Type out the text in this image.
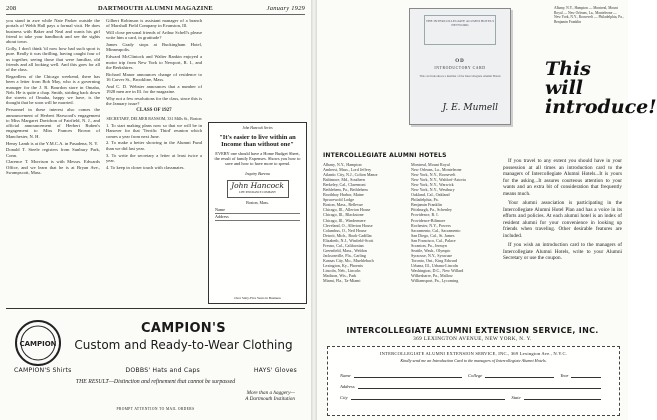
208	DARTMOUTH ALUMNI MAGAZINE	January 1929

you stand in awe while Nate Parker outside the portals of Webb Hall pays a formal visit. He does business with Baker and Neal and wants his girl friend to take your handbook and see the sights about town.

Golly, I don't think 'til now how bad such sport is pure. Really it was thrilling, having caught four of us together, seeing those that were familiar, old friends and all looking well. And this goes for all of the class.

Regardless of the Chicago weekend, there has been a letter from Bob May, who is a governing manager for the J. R. Bourdon store in Omaha, Neb. He is quite a chap. Smith, striding back down the streets of Omaha, happy we have, is the thought that he soon will be married.

Personnel in these interest also comes the announcement of Herbert Harwood's engagement to Miss Margaret Davidson of Fairfield, N. J., and official announcement of Herbert Ruben's engagement to Miss Frances Brown of Manchester, N. H.

Henry Lamb is at the Y.M.C.A. in Pasadena, N. Y.

Donald T. Steele registers from Sunbury Park, Conn.

Clarence T. Morrison is with Messrs. Edwards Office, and we learn that he is at Bryan Ave., Swampscott, Mass.

Gilbert Robinson is assistant manager of a branch of Marshall Field Company in Evanston, Ill.

Will close personal friends of Arthur Schell's please write him a card, in gratitude?

James Grady stops at Buckingham Hotel, Minneapolis.

Edward McClintock and Walter Rankin enjoyed a motor trip from New York to Newport, R. I., and the Berkshires.

Richard Manor announces change of residence to 16 Carver St., Brookline, Mass.

And C. D. Webster announces that a number of 1928 men are in Ill. for the magazine.

Why not a few resolutions for the class, since this is the January issue?

CLASS OF 1927
SECRETARY, DELMER RANSOM, 331 Mills St., Boston

1. To start making plans now so that we will be in Hanover for that 'Terrific Third' reunion which comes a year from next June.

2. To make a better showing in the Alumni Fund than we did last year.

3. To write the secretary a letter at least twice a year.

4. To keep in closer touch with classmates.

John Hancock Series
"It's easier to live within an Income than without one"
EVERY one should have a Home Budget Sheet, the result of family Expenses. Shows you how to save and how to have more to spend.
Inquiry Bureau
John Hancock
LIFE INSURANCE COMPANY
Boston, Mass.
Name
Address
Over Sixty-Five Years in Business
CAMPION
CAMPION'S
Custom and Ready-to-Wear Clothing
CAMPION'S Shirts	DOBBS' Hats and Caps	HAYS' Gloves
THE RESULT—Distinction and refinement that cannot be surpassed
More than a haggery—
A Dartmouth Institution
PROMPT ATTENTION TO MAIL ORDERS
THE INTERCOLLEGIATE ALUMNI HOTELS NETWORK
OD
INTRODUCTORY CARD
This card introduces a member of the Intercollegiate Alumni Hotels
J. E. Mumell
Albany, N.Y., Hampton — Montreal, Mount Royal — New Orleans, La., Monteleone — New York, N.Y., Roosevelt — Philadelphia, Pa., Benjamin Franklin
This will introduce!
INTERCOLLEGIATE ALUMNI HOTELS
Albany, N.Y., Hampton
Amherst, Mass., Lord Jeffery
Atlantic City, N.J., Colton Manor
Baltimore, Md., Southern
Berkeley, Cal., Claremont
Bethlehem, Pa., Bethlehem
Boothbay Harbor, Maine
Sprucewold Lodge
Boston, Mass., Bellevue
Chicago, Ill., Allerton House
Chicago, Ill., Blackstone
Chicago, Ill., Windermere
Cleveland, O., Allerton House
Columbus, O., Neil House
Detroit, Mich., Book-Cadillac
Elizabeth, N.J., Winfield-Scott
Fresno, Cal., Californian
Greenfield, Mass., Weldon
Jacksonville, Fla., Carling
Kansas City, Mo., Muehlebach
Lexington, Ky., Phoenix
Lincoln, Neb., Lincoln
Madison, Wis., Park
Miami, Fla., Ta-Miami
Montreal, Mount Royal
New Orleans, La., Monteleone
New York, N.Y., Roosevelt
New York, N.Y., Waldorf-Astoria
New York, N.Y., Warwick
New York, N.Y., Westbury
Oakland, Cal., Oakland
Philadelphia, Pa.
Benjamin Franklin
Pittsburgh, Pa., Schenley
Providence, R. I.
Providence-Biltmore
Rochester, N.Y., Powers
Sacramento, Cal., Sacramento
San Diego, Cal., St. James
San Francisco, Cal., Palace
Scranton, Pa., Jermyn
Seattle, Wash., Olympic
Syracuse, N.Y., Syracuse
Toronto, Ont., King Edward
Urbana, Ill., Urbana-Lincoln
Washington, D.C., New Willard
Wilkesbarre, Pa., Mallow
Williamsport, Pa., Lycoming

If you travel to any extent you should have in your possession at all times an introduction card to the managers of Intercollegiate Alumni Hotels...It is yours for the asking...It assures courteous attention to your wants and an extra bit of consideration that frequently means much.

Your alumni association is participating in the Intercollegiate Alumni Hotel Plan and has a voice in its efforts and policies. At each alumni hotel is an index of resident alumni for your convenience in looking up friends when traveling. Other desirable features are included.

If you wish an introduction card to the managers of Intercollegiate Alumni Hotels, write to your Alumni Secretary or use the coupon.

INTERCOLLEGIATE ALUMNI EXTENSION SERVICE, INC.
369 LEXINGTON AVENUE, NEW YORK, N. Y.
INTERCOLLEGIATE ALUMNI EXTENSION SERVICE, INC., 369 Lexington Ave., N.Y.C.
Kindly send me an Introduction Card to the managers of Intercollegiate Alumni Hotels.
Name	College	Year
Address
City	State
